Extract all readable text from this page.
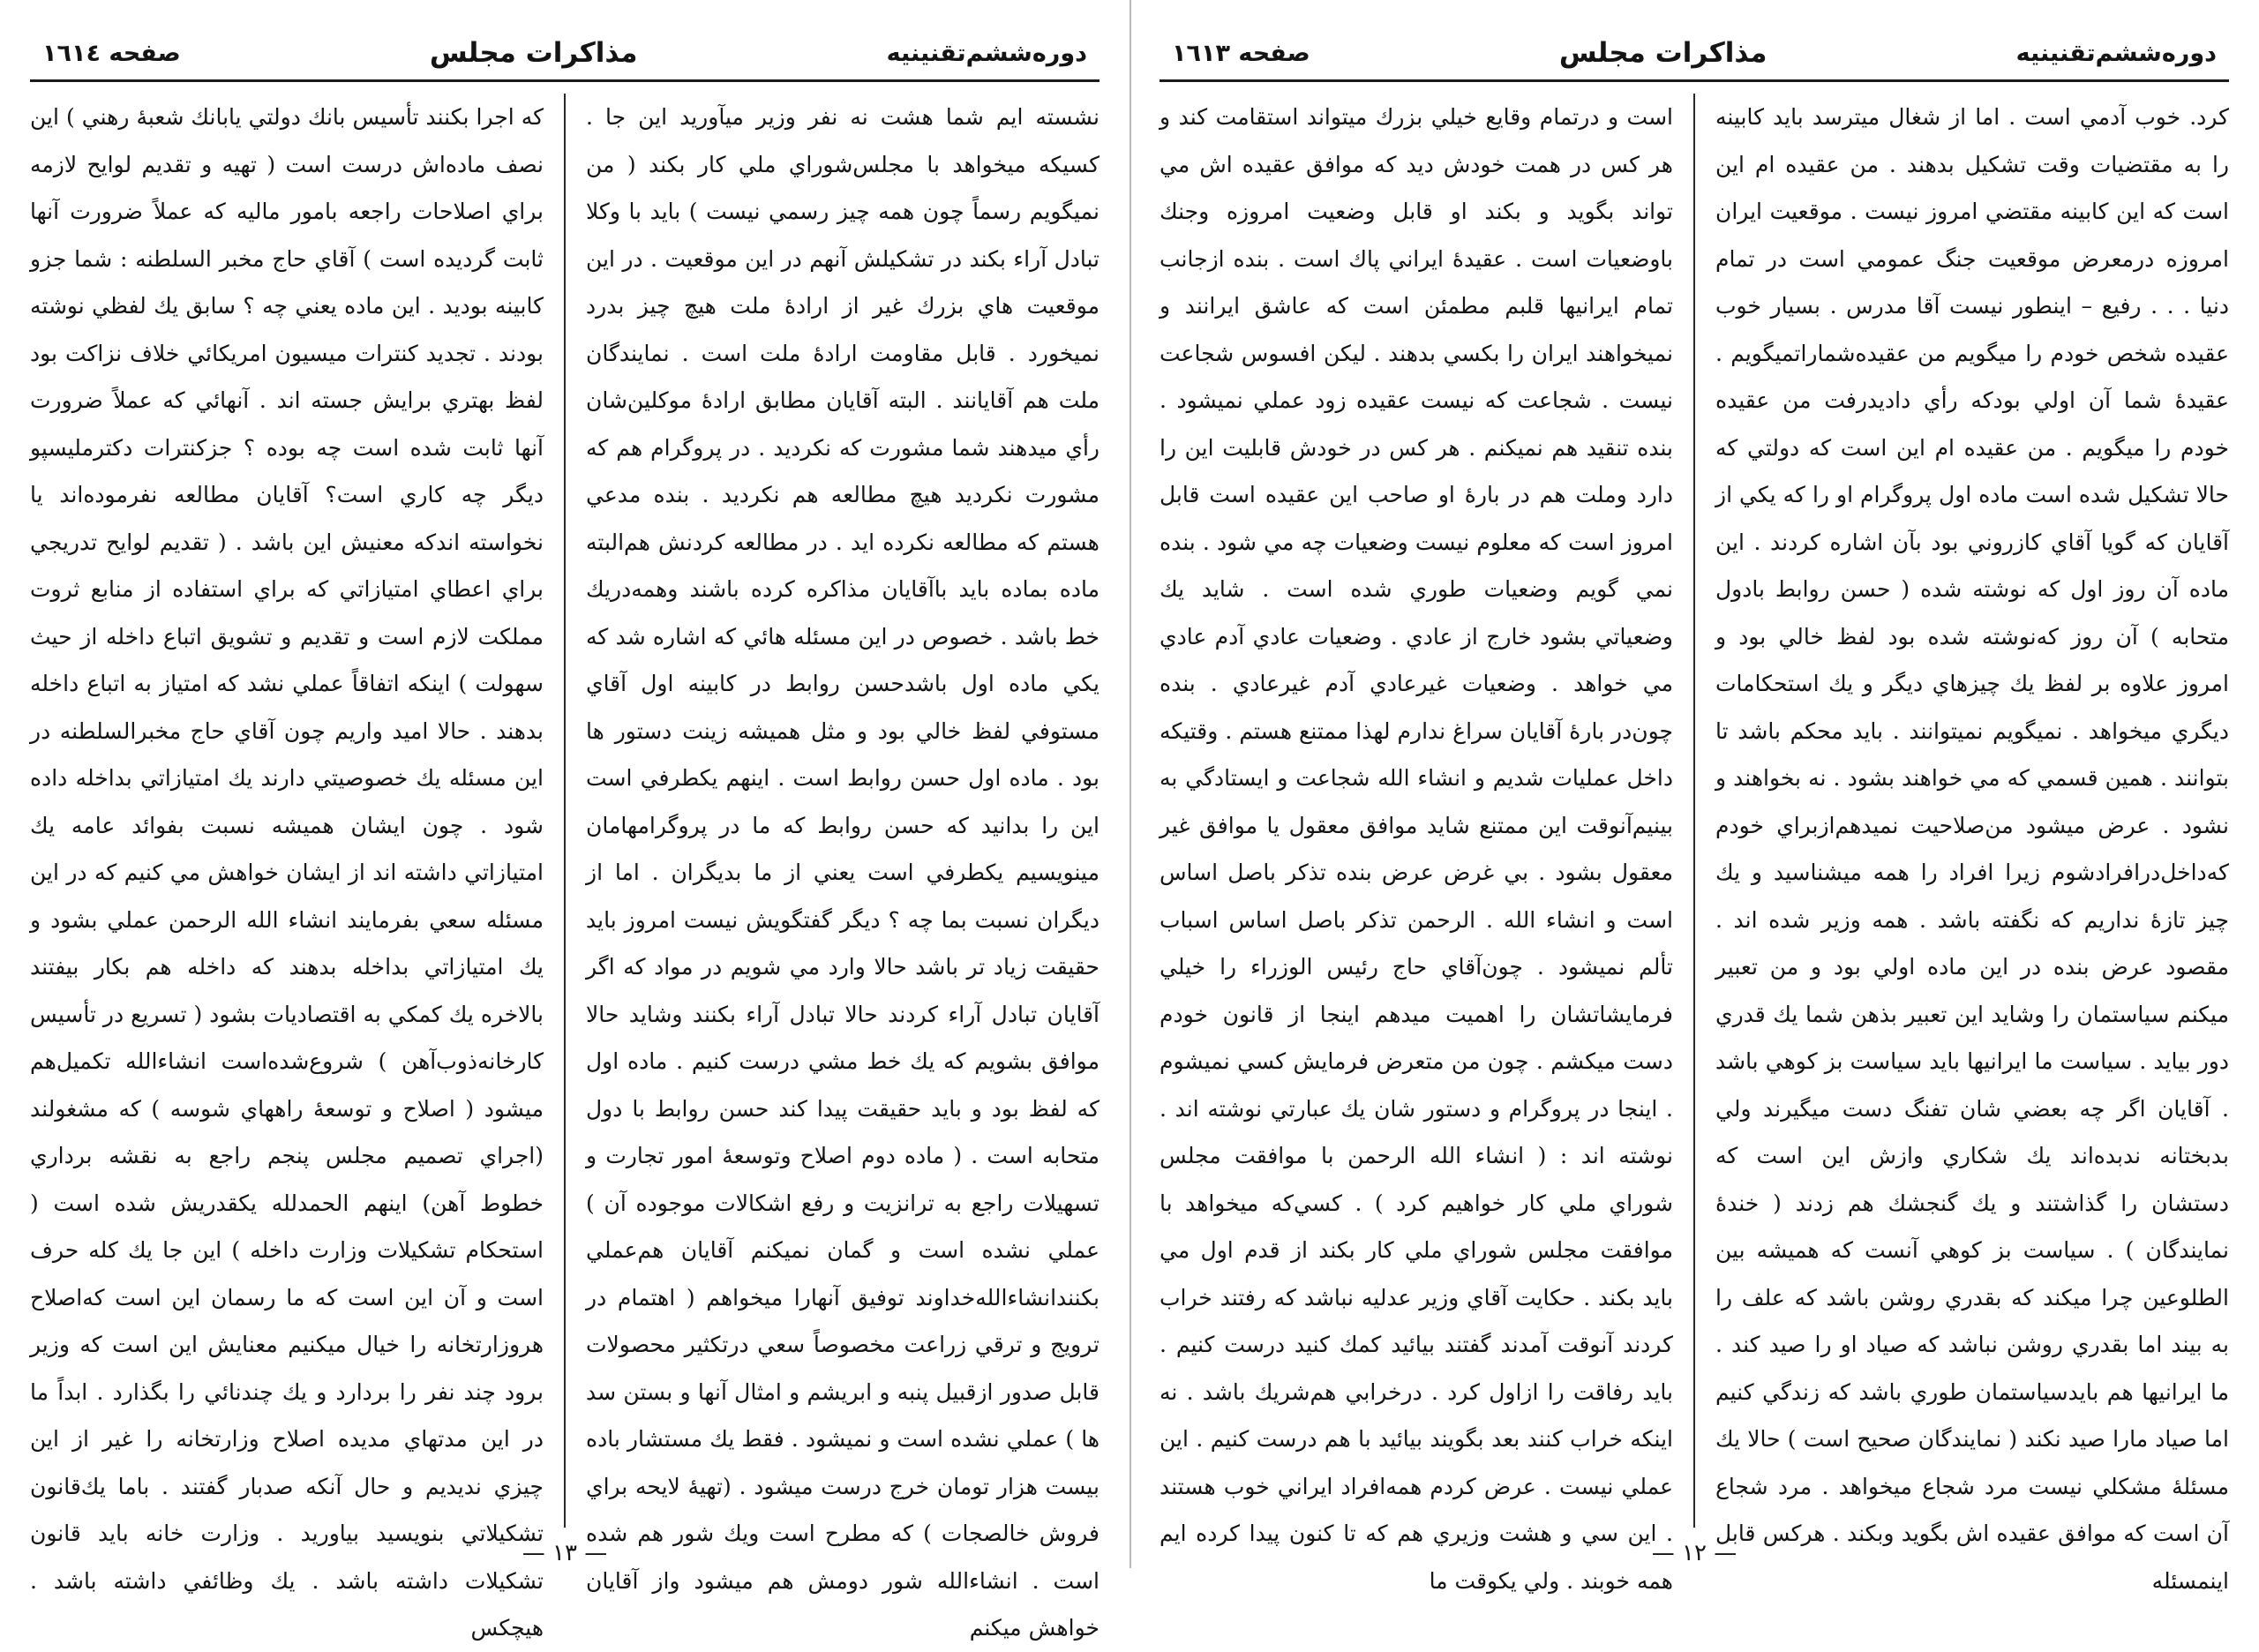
دوره‌ششم‌تقنينيه
مذاكرات مجلس
صفحه ١٦١٣

كرد. خوب آدمي است . اما از شغال ميترسد بايد كابينه را به مقتضيات وقت تشكيل بدهند . من عقيده ام اين است كه اين كابينه مقتضي امروز نيست . موقعيت ايران امروزه درمعرض موقعيت جنگ عمومي است در تمام دنيا . . . رفيع – اينطور نيست آقا مدرس . بسيار خوب عقيده شخص خودم را ميگويم من عقيده‌شماراتميگويم . عقيدهٔ شما آن اولي بودكه رأي داديدرفت من عقيده خودم را ميگويم . من عقيده ام اين است كه دولتي كه حالا تشكيل شده است ماده اول پروگرام او را كه يكي از آقايان كه گويا آقاي كازروني بود بآن اشاره كردند . اين ماده آن روز اول كه نوشته شده ( حسن روابط بادول متحابه ) آن روز كه‌نوشته شده بود لفظ خالي بود و امروز علاوه بر لفظ يك چيزهاي ديگر و يك استحكامات ديگري ميخواهد . نميگويم نميتوانند . بايد محكم باشد تا بتوانند . همين قسمي كه مي خواهند بشود . نه بخواهند و نشود . عرض ميشود من‌صلاحيت نميدهم‌ازبراي خودم كه‌داخل‌درافرادشوم زيرا افراد را همه ميشناسيد و يك چيز تازهٔ نداريم كه نگفته باشد . همه وزير شده اند . مقصود عرض بنده در اين ماده اولي بود و من تعبير ميكنم سياستمان را وشايد اين تعبير بذهن شما يك قدري دور بيايد . سياست ما ايرانيها بايد سياست بز كوهي باشد . آقايان اگر چه بعضي شان تفنگ دست ميگيرند ولي بدبختانه ندبده‌اند يك شكاري وازش اين است كه دستشان را گذاشتند و يك گنجشك هم زدند ( خندهٔ نمايندگان ) . سياست بز كوهي آنست كه هميشه بين الطلوعين چرا ميكند كه بقدري روشن باشد كه علف را به بيند اما بقدري روشن نباشد كه صياد او را صيد كند . ما ايرانيها هم بايدسياستمان طوري باشد كه زندگي كنيم اما صياد مارا صيد نكند ( نمايندگان صحيح است ) حالا يك مسئلهٔ مشكلي نيست مرد شجاع ميخواهد . مرد شجاع آن است كه موافق عقيده اش بگويد وبكند . هركس قابل اينمسئله

است و درتمام وقايع خيلي بزرك ميتواند استقامت كند و هر كس در همت خودش ديد كه موافق عقيده اش مي تواند بگويد و بكند او قابل وضعيت امروزه وجنك باوضعيات است . عقيدهٔ ايراني پاك است . بنده ازجانب تمام ايرانيها قلبم مطمئن است كه عاشق ايرانند و نميخواهند ايران را بكسي بدهند . ليكن افسوس شجاعت نيست . شجاعت كه نيست عقيده زود عملي نميشود . بنده تنقيد هم نميكنم . هر كس در خودش قابليت اين را دارد وملت هم در بارهٔ او صاحب اين عقيده است قابل امروز است كه معلوم نيست وضعيات چه مي شود . بنده نمي گويم وضعيات طوري شده است . شايد يك وضعياتي بشود خارج از عادي . وضعيات عادي آدم عادي مي خواهد . وضعيات غيرعادي آدم غيرعادي . بنده چون‌در بارهٔ آقايان سراغ ندارم لهذا ممتنع هستم . وقتيكه داخل عمليات شديم و انشاء الله شجاعت و ايستادگي به بينيم‌آنوقت اين ممتنع شايد موافق معقول يا موافق غير معقول بشود . بي غرض عرض بنده تذكر باصل اساس است و انشاء الله . الرحمن تذكر باصل اساس اسباب تألم نميشود . چون‌آقاي حاج رئيس الوزراء را خيلي فرمايشاتشان را اهميت ميدهم اينجا از قانون خودم دست ميكشم . چون من متعرض فرمايش كسي نميشوم . اينجا در پروگرام و دستور شان يك عبارتي نوشته اند . نوشته اند : ( انشاء الله الرحمن با موافقت مجلس شوراي ملي كار خواهيم كرد ) . كسي‌كه ميخواهد با موافقت مجلس شوراي ملي كار بكند از قدم اول مي بايد بكند . حكايت آقاي وزير عدليه نباشد كه رفتند خراب كردند آنوقت آمدند گفتند بيائيد كمك كنيد درست كنيم . بايد رفاقت را ازاول كرد . درخرابي هم‌شريك باشد . نه اينكه خراب كنند بعد بگويند بيائيد با هم درست كنيم . اين عملي نيست . عرض كردم همه‌افراد ايراني خوب هستند . اين سي و هشت وزيري هم كه تا كنون پيدا كرده ايم همه خوبند . ولي يكوقت ما

— ١٢ —
دوره‌ششم‌تقنينيه
مذاكرات مجلس
صفحه ١٦١٤

نشسته ايم شما هشت نه نفر وزير ميآوريد اين جا . كسيكه ميخواهد با مجلس‌شوراي ملي كار بكند ( من نميگويم رسماً چون همه چيز رسمي نيست ) بايد با وكلا تبادل آراء بكند در تشكيلش آنهم در اين موقعيت . در اين موقعيت هاي بزرك غير از ارادهٔ ملت هيچ چيز بدرد نميخورد . قابل مقاومت ارادهٔ ملت است . نمايندگان ملت هم آقايانند . البته آقايان مطابق ارادهٔ موكلين‌شان رأي ميدهند شما مشورت كه نكرديد . در پروگرام هم كه مشورت نكرديد هيچ مطالعه هم نكرديد . بنده مدعي هستم كه مطالعه نكرده ايد . در مطالعه كردنش هم‌البته ماده بماده بايد باآقايان مذاكره كرده باشند وهمه‌دريك خط باشد . خصوص در اين مسئله هائي كه اشاره شد كه يكي ماده اول باشد‌حسن روابط در كابينه اول آقاي مستوفي لفظ خالي بود و مثل هميشه زينت دستور ها بود . ماده اول حسن روابط است . اينهم يكطرفي است اين را بدانيد كه حسن روابط كه ما در پروگرامهامان مينويسيم يكطرفي است يعني از ما بديگران . اما از ديگران نسبت بما چه ؟ ديگر گفتگويش نيست امروز بايد حقيقت زياد تر باشد حالا وارد مي شويم در مواد كه اگر آقايان تبادل آراء كردند حالا تبادل آراء بكنند وشايد حالا موافق بشويم كه يك خط مشي درست كنيم . ماده اول كه لفظ بود و بايد حقيقت پيدا كند حسن روابط با دول متحابه است . ( ماده دوم اصلاح وتوسعهٔ امور تجارت و تسهيلات راجع به ترانزيت و رفع اشكالات موجوده آن ) عملي نشده است و گمان نميكنم آقايان هم‌عملي بكنند‌انشاءالله‌خداوند توفيق آنهارا ميخواهم ( اهتمام در ترويج و ترقي زراعت مخصوصاً سعي در‌تكثير محصولات قابل صدور ازقبيل پنبه و ابريشم و امثال آنها و بستن سد ها ) عملي نشده است و نميشود . فقط يك مستشار باده بيست هزار تومان خرج درست ميشود . (تهيهٔ لايحه براي فروش خالصجات ) كه مطرح است ويك شور هم شده است . انشاءالله شور دومش هم ميشود واز آقايان خواهش ميكنم

كه اجرا بكنند تأسيس بانك دولتي يابانك شعبهٔ رهني ) اين نصف ماده‌اش درست است ( تهيه و تقديم لوايح لازمه براي اصلاحات راجعه بامور ماليه كه عملاً ضرورت آنها ثابت گرديده است ) آقاي حاج مخبر السلطنه : شما جزو كابينه بوديد . اين ماده يعني چه ؟ سابق يك لفظي نوشته بودند . تجديد كنترات ميسيون امريكائي خلاف نزاكت بود لفظ بهتري برايش جسته اند . آنهائي كه عملاً ضرورت آنها ثابت شده است چه بوده ؟ جزكنترات دكترمليسپو ديگر چه كاري است؟ آقايان مطالعه نفرموده‌اند يا نخواسته اندكه معنيش اين باشد . ( تقديم لوايح تدريجي براي اعطاي امتيازاتي كه براي استفاده از منابع ثروت مملكت لازم است و تقديم و تشويق اتباع داخله از حيث سهولت ) اينكه اتفاقاً عملي نشد كه امتياز به اتباع داخله بدهند . حالا اميد واريم چون آقاي حاج مخبرالسلطنه در اين مسئله يك خصوصيتي دارند يك امتيازاتي بداخله داده شود . چون ايشان هميشه نسبت بفوائد عامه يك امتيازاتي داشته اند از ايشان خواهش مي كنيم كه در اين مسئله سعي بفرمايند انشاء الله الرحمن عملي بشود و يك امتيازاتي بداخله بدهند كه داخله هم بكار بيفتند بالاخره يك كمكي به اقتصاديات بشود ( تسريع در تأسيس كارخانه‌ذوب‌آهن ) شروع‌شده‌است انشاءالله تكميل‌هم ميشود ( اصلاح و توسعهٔ راههاي شوسه ) كه مشغولند (اجراي تصميم مجلس پنجم راجع به نقشه برداري خطوط آهن) اينهم الحمدلله يكقدريش شده است ( استحكام تشكيلات وزارت داخله ) اين جا يك كله حرف است و آن اين است كه ما رسمان اين است كه‌اصلاح هروزارتخانه را خيال ميكنيم معنايش اين است كه وزير برود چند نفر را بردارد و يك چندنائي را بگذارد . ابداً ما در اين مدتهاي مديده اصلاح وزارتخانه را غير از اين چيزي نديديم و حال آنكه صدبار گفتند . باما يك‌قانون تشكيلاتي بنويسيد بياوريد . وزارت خانه بايد قانون تشكيلات داشته باشد . يك وظائفي داشته باشد . هيچكس

— ١٣ —
